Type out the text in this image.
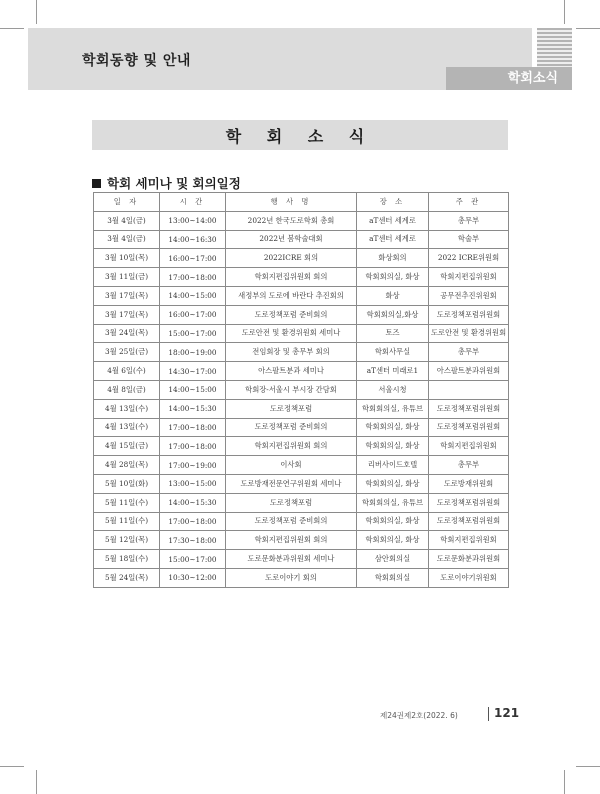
학회동향 및 안내
학회소식
학 회 소 식
학회 세미나 및 회의일정
일 자	시 간	행 사 명	장 소	주 관
3월 4일(금)	13:00~14:00	2022년 한국도로학회 총회	aT센터 세계로	총무부
3월 4일(금)	14:00~16:30	2022년 봄학술대회	aT센터 세계로	학술부
3월 10일(목)	16:00~17:00	2022ICRE 회의	화상회의	2022 ICRE위원회
3월 11일(금)	17:00~18:00	학회지편집위원회 회의	학회회의실, 화상	학회지편집위원회
3월 17일(목)	14:00~15:00	새정부의 도로에 바란다 추진회의	화상	공무전추진위원회
3월 17일(목)	16:00~17:00	도로정책포럼 준비회의	학회회의실,화상	도로정책포럼위원회
3월 24일(목)	15:00~17:00	도로안전 및 환경위원회 세미나	토즈	도로안전 및 환경위원회
3월 25일(금)	18:00~19:00	전임회장 및 총무부 회의	학회사무실	총무부
4월 6일(수)	14:30~17:00	아스팔트분과 세미나	aT센터 미래로1	아스팔트분과위원회
4월 8일(금)	14:00~15:00	학회장-서울시 부시장 간담회	서울시청	
4월 13일(수)	14:00~15:30	도로정책포럼	학회회의실, 유튜브	도로정책포럼위원회
4월 13일(수)	17:00~18:00	도로정책포럼 준비회의	학회회의실, 화상	도로정책포럼위원회
4월 15일(금)	17:00~18:00	학회지편집위원회 회의	학회회의실, 화상	학회지편집위원회
4월 28일(목)	17:00~19:00	이사회	리버사이드호텔	총무부
5월 10일(화)	13:00~15:00	도로방재전문연구위원회 세미나	학회회의실, 화상	도로방재위원회
5월 11일(수)	14:00~15:30	도로정책포럼	학회회의실, 유튜브	도로정책포럼위원회
5월 11일(수)	17:00~18:00	도로정책포럼 준비회의	학회회의실, 화상	도로정책포럼위원회
5월 12일(목)	17:30~18:00	학회지편집위원회 회의	학회회의실, 화상	학회지편집위원회
5월 18일(수)	15:00~17:00	도로문화분과위원회 세미나	삼안회의실	도로문화분과위원회
5월 24일(목)	10:30~12:00	도로이야기 회의	학회회의실	도로이야기위원회
제24권제2호(2022. 6)	121
